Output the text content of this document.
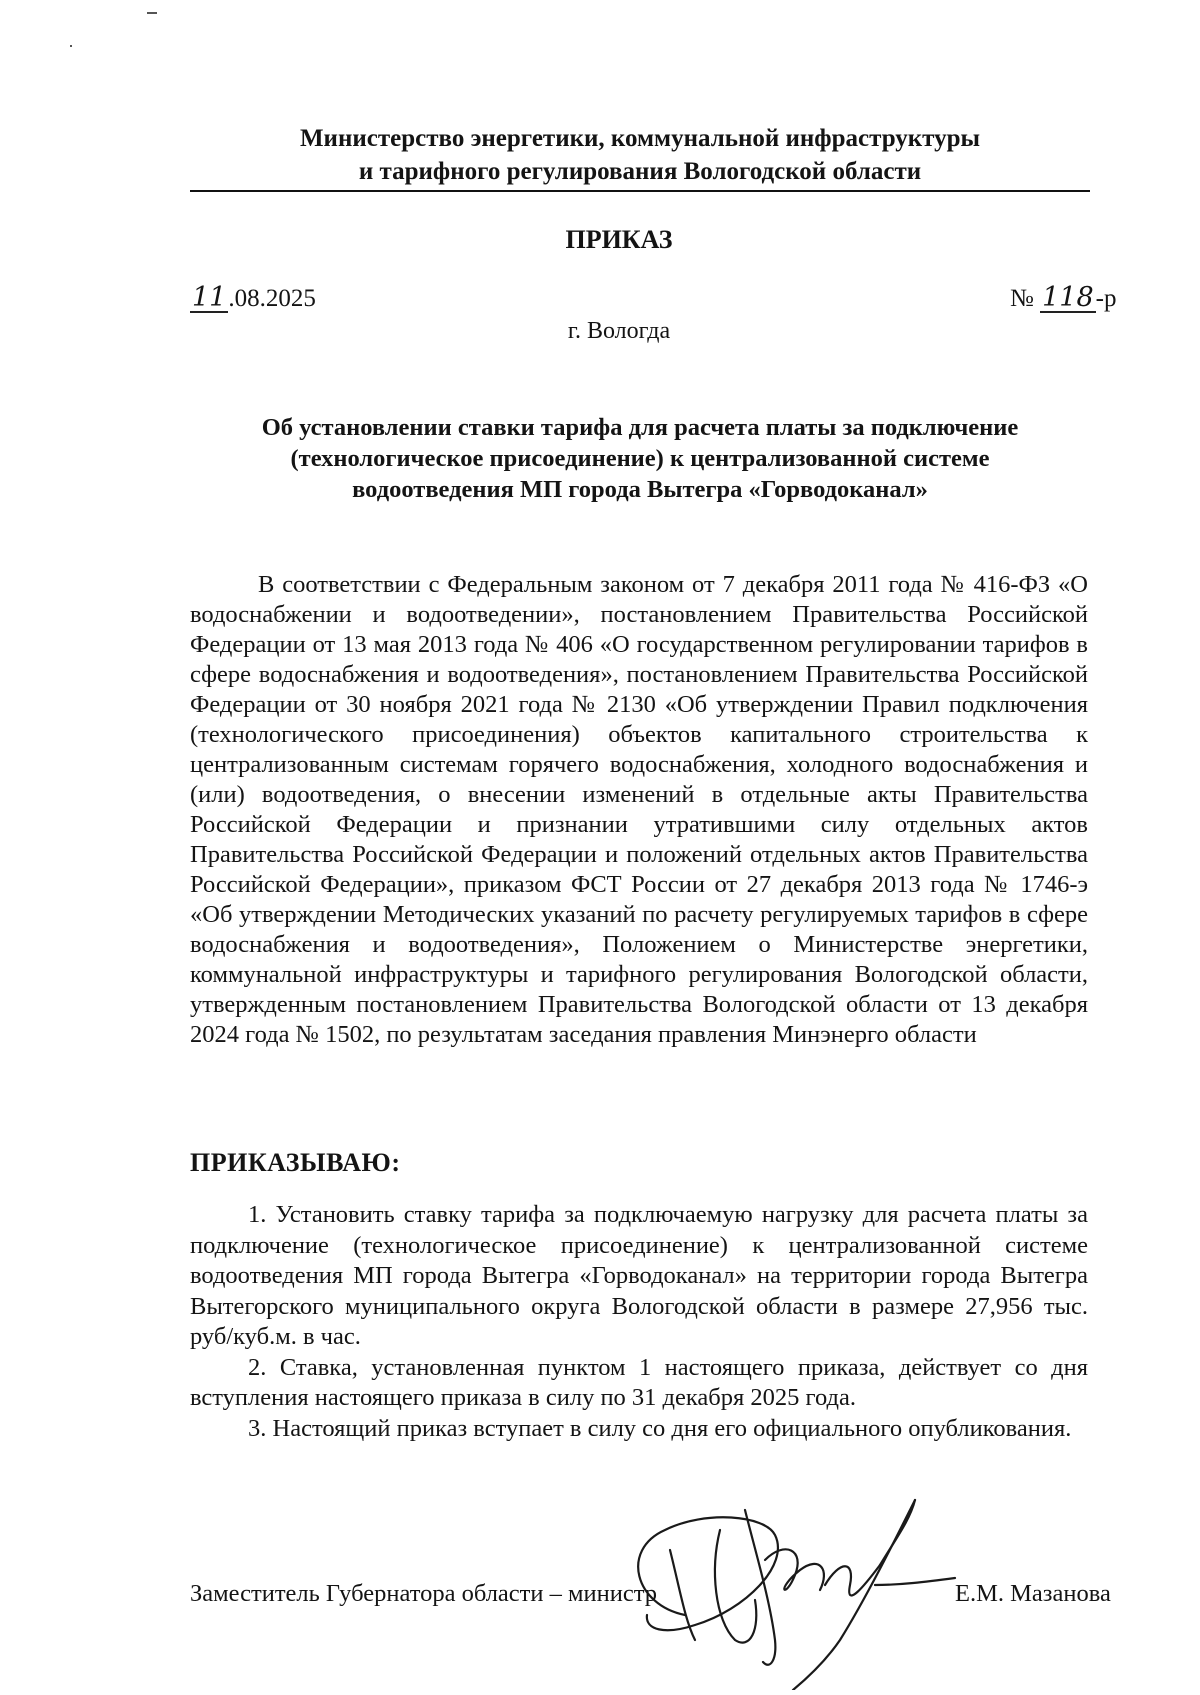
Министерство энергетики, коммунальной инфраструктуры
и тарифного регулирования Вологодской области
ПРИКАЗ
11.08.2025	№ 118-р
г. Вологда
Об установлении ставки тарифа для расчета платы за подключение
(технологическое присоединение) к централизованной системе
водоотведения МП города Вытегра «Горводоканал»

В соответствии с Федеральным законом от 7 декабря 2011 года № 416-ФЗ «О водоснабжении и водоотведении», постановлением Правительства Российской Федерации от 13 мая 2013 года № 406 «О государственном регулировании тарифов в сфере водоснабжения и водоотведения», постановлением Правительства Российской Федерации от 30 ноября 2021 года № 2130 «Об утверждении Правил подключения (технологического присоединения) объектов капитального строительства к централизованным системам горячего водоснабжения, холодного водоснабжения и (или) водоотведения, о внесении изменений в отдельные акты Правительства Российской Федерации и признании утратившими силу отдельных актов Правительства Российской Федерации и положений отдельных актов Правительства Российской Федерации», приказом ФСТ России от 27 декабря 2013 года № 1746-э «Об утверждении Методических указаний по расчету регулируемых тарифов в сфере водоснабжения и водоотведения», Положением о Министерстве энергетики, коммунальной инфраструктуры и тарифного регулирования Вологодской области, утвержденным постановлением Правительства Вологодской области от 13 декабря 2024 года № 1502, по результатам заседания правления Минэнерго области

ПРИКАЗЫВАЮ:

1. Установить ставку тарифа за подключаемую нагрузку для расчета платы за подключение (технологическое присоединение) к централизованной системе водоотведения МП города Вытегра «Горводоканал» на территории города Вытегра Вытегорского муниципального округа Вологодской области в размере 27,956 тыс. руб/куб.м. в час.

2. Ставка, установленная пунктом 1 настоящего приказа, действует со дня вступления настоящего приказа в силу по 31 декабря 2025 года.

3. Настоящий приказ вступает в силу со дня его официального опубликования.

Заместитель Губернатора области – министр	Е.М. Мазанова
